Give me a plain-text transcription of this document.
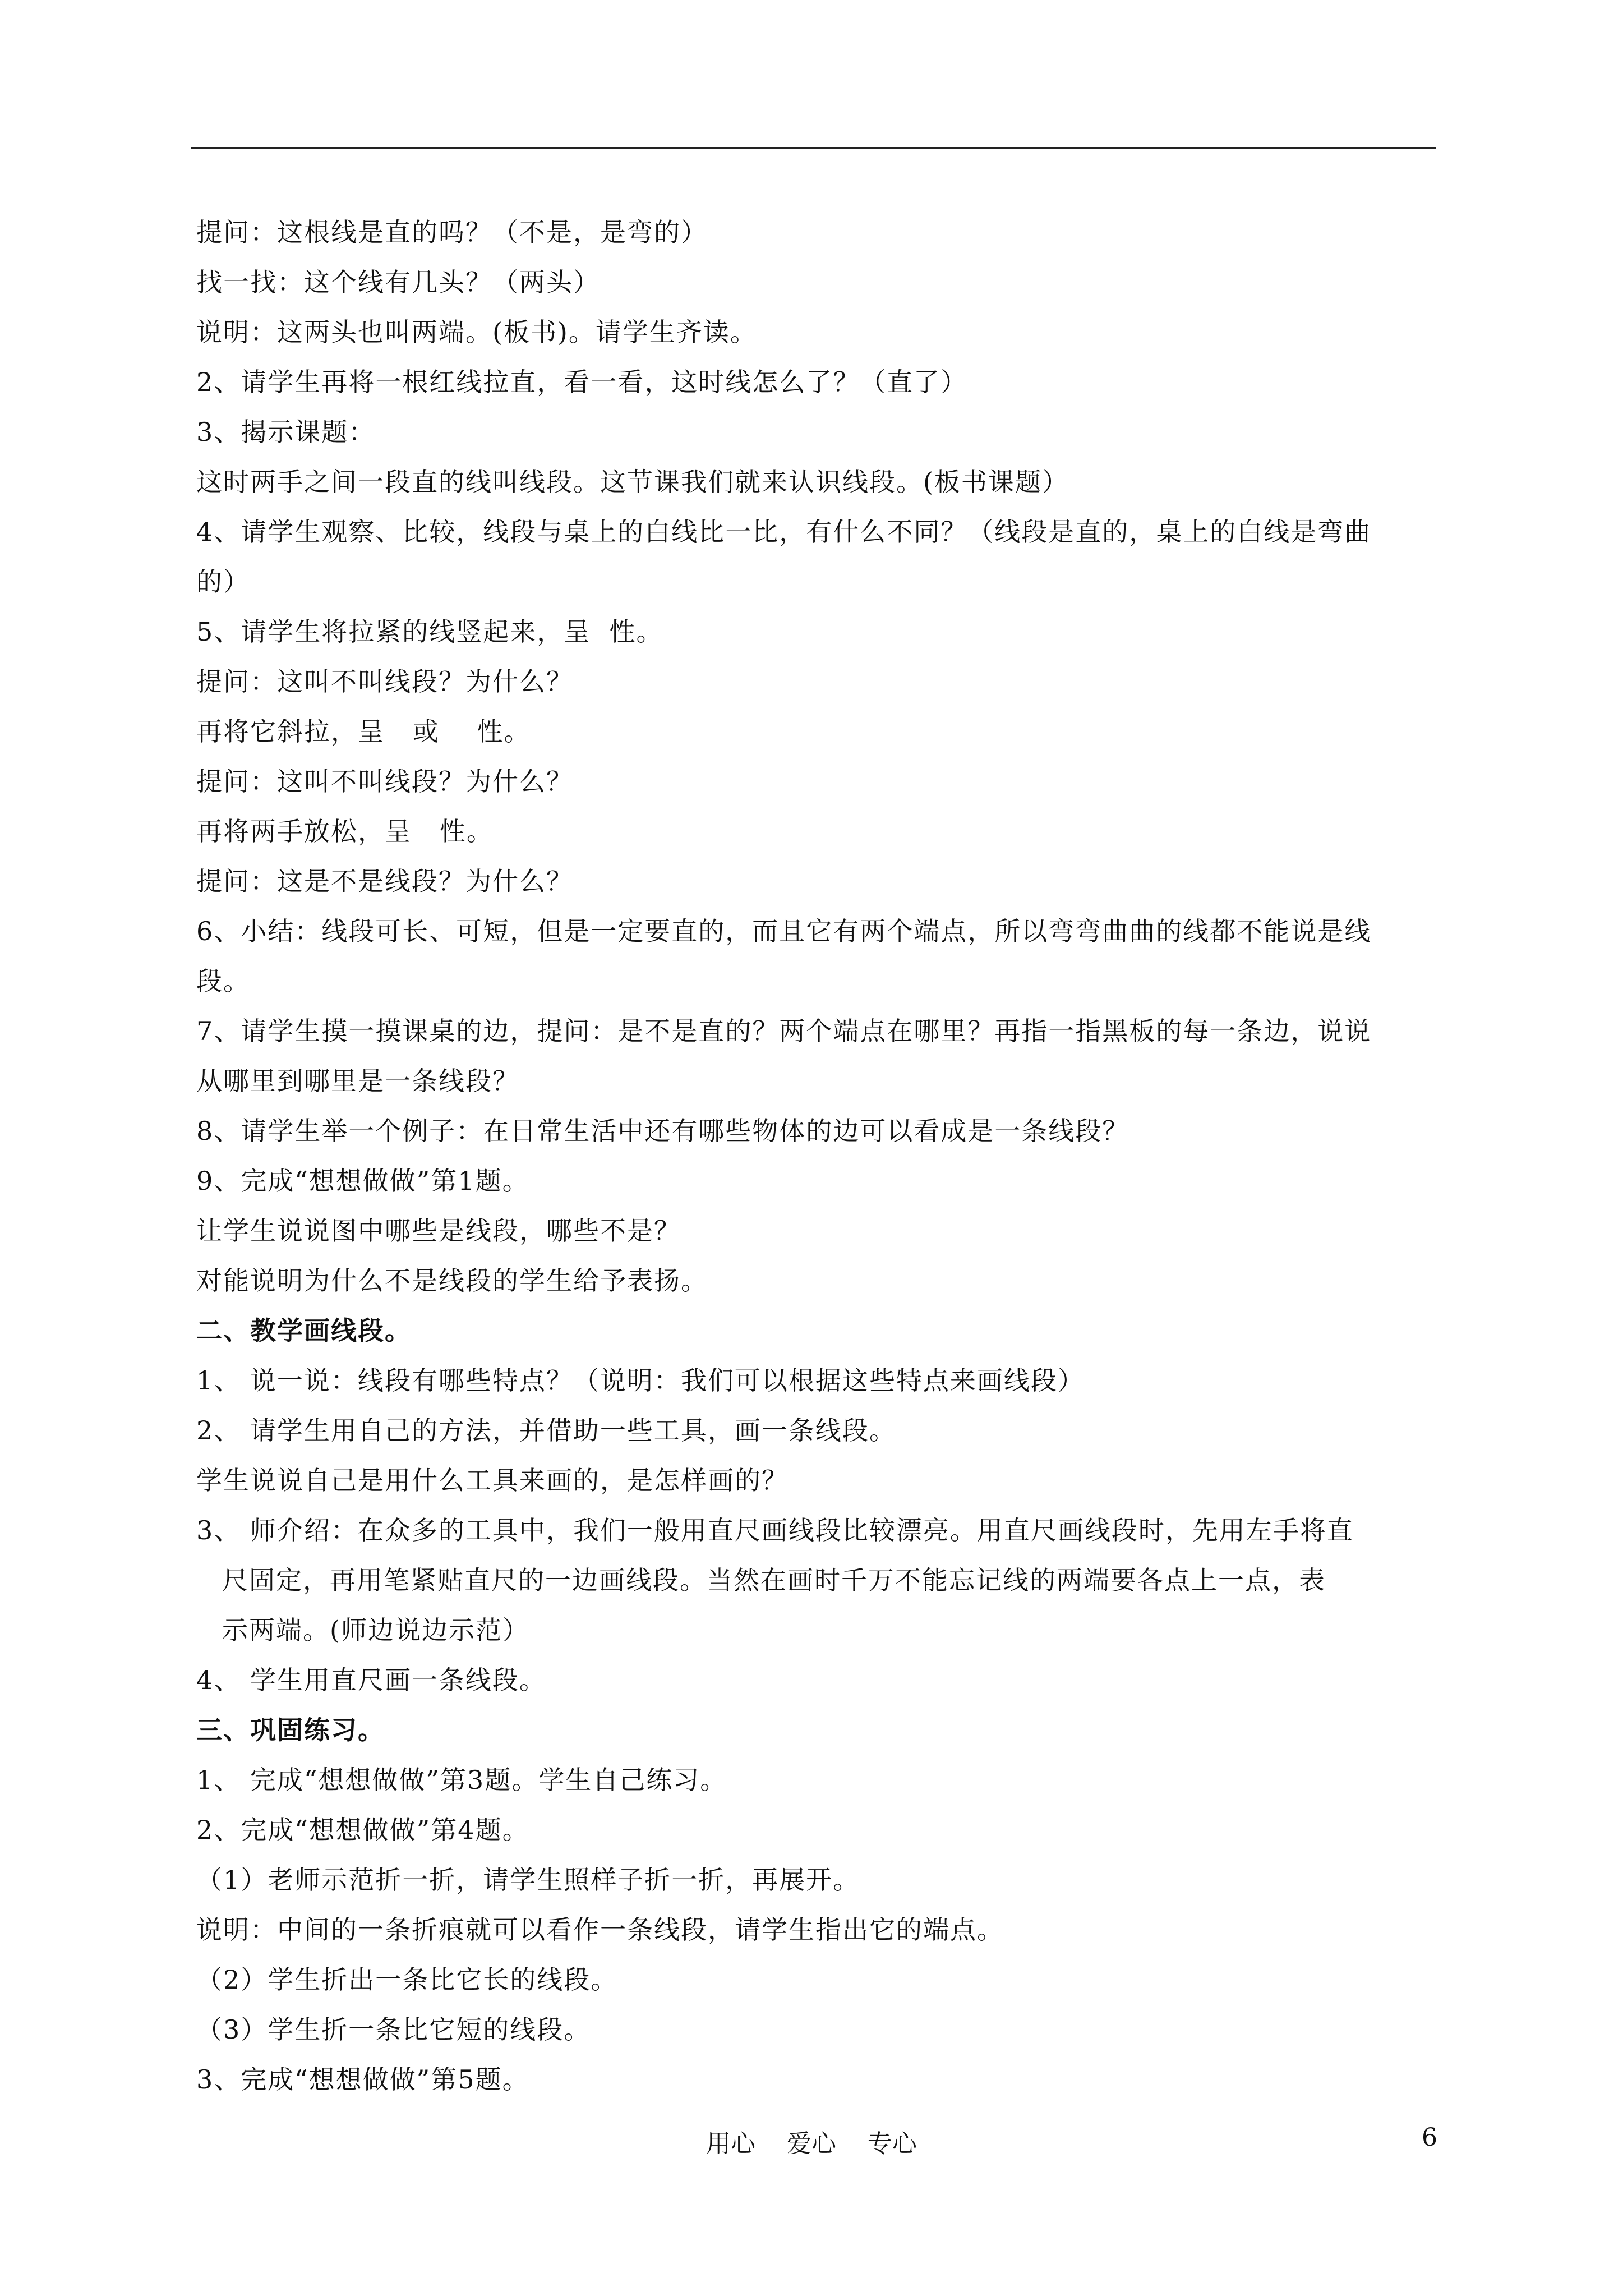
提问：这根线是直的吗？（不是，是弯的）
找一找：这个线有几头？（两头）
说明：这两头也叫两端。(板书)。请学生齐读。
2、请学生再将一根红线拉直，看一看，这时线怎么了？（直了）
3、揭示课题：
这时两手之间一段直的线叫线段。这节课我们就来认识线段。(板书课题）
4、请学生观察、比较，线段与桌上的白线比一比，有什么不同？（线段是直的，桌上的白线是弯曲
的）
5、请学生将拉紧的线竖起来，呈  性。
提问：这叫不叫线段？为什么？
再将它斜拉，呈   或    性。
提问：这叫不叫线段？为什么？
再将两手放松，呈   性。
提问：这是不是线段？为什么？
6、小结：线段可长、可短，但是一定要直的，而且它有两个端点，所以弯弯曲曲的线都不能说是线
段。
7、请学生摸一摸课桌的边，提问：是不是直的？两个端点在哪里？再指一指黑板的每一条边，说说
从哪里到哪里是一条线段？
8、请学生举一个例子：在日常生活中还有哪些物体的边可以看成是一条线段？
9、完成“想想做做”第1题。
让学生说说图中哪些是线段，哪些不是？
对能说明为什么不是线段的学生给予表扬。
二、教学画线段。
1、 说一说：线段有哪些特点？（说明：我们可以根据这些特点来画线段）
2、 请学生用自己的方法，并借助一些工具，画一条线段。
学生说说自己是用什么工具来画的，是怎样画的？
3、 师介绍：在众多的工具中，我们一般用直尺画线段比较漂亮。用直尺画线段时，先用左手将直
尺固定，再用笔紧贴直尺的一边画线段。当然在画时千万不能忘记线的两端要各点上一点，表
示两端。(师边说边示范）
4、 学生用直尺画一条线段。
三、巩固练习。
1、 完成“想想做做”第3题。学生自己练习。
2、完成“想想做做”第4题。
（1）老师示范折一折，请学生照样子折一折，再展开。
说明：中间的一条折痕就可以看作一条线段，请学生指出它的端点。
（2）学生折出一条比它长的线段。
（3）学生折一条比它短的线段。
3、完成“想想做做”第5题。
用心    爱心    专心	6
